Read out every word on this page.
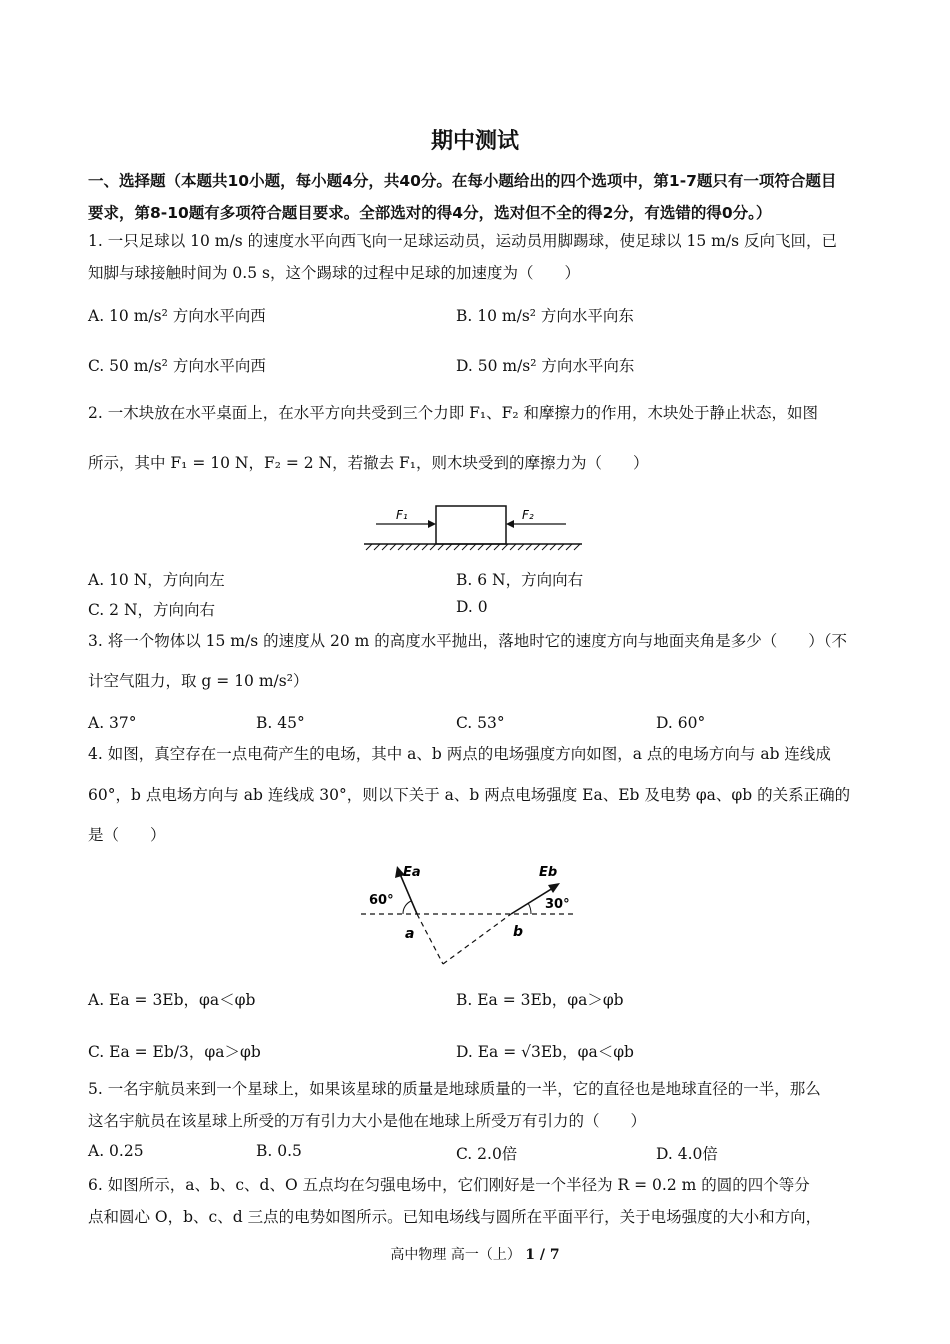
期中测试
一、选择题（本题共10小题，每小题4分，共40分。在每小题给出的四个选项中，第1-7题只有一项符合题目
要求，第8-10题有多项符合题目要求。全部选对的得4分，选对但不全的得2分，有选错的得0分。）
1. 一只足球以 10 m/s 的速度水平向西飞向一足球运动员，运动员用脚踢球，使足球以 15 m/s 反向飞回，已
知脚与球接触时间为 0.5 s，这个踢球的过程中足球的加速度为（　　）
A. 10 m/s² 方向水平向西	B. 10 m/s² 方向水平向东
C. 50 m/s² 方向水平向西	D. 50 m/s² 方向水平向东
2. 一木块放在水平桌面上，在水平方向共受到三个力即 F₁、F₂ 和摩擦力的作用，木块处于静止状态，如图
所示，其中 F₁ = 10 N，F₂ = 2 N，若撤去 F₁，则木块受到的摩擦力为（　　）
F₁	F₂
A. 10 N，方向向左	B. 6 N，方向向右
C. 2 N，方向向右	D. 0
3. 将一个物体以 15 m/s 的速度从 20 m 的高度水平抛出，落地时它的速度方向与地面夹角是多少（　　）（不
计空气阻力，取 g = 10 m/s²）
A. 37°	B. 45°	C. 53°	D. 60°
4. 如图，真空存在一点电荷产生的电场，其中 a、b 两点的电场强度方向如图，a 点的电场方向与 ab 连线成
60°，b 点电场方向与 ab 连线成 30°，则以下关于 a、b 两点电场强度 Ea、Eb 及电势 φa、φb 的关系正确的
是（　　）
Ea	Eb
60°	30°
a	b
A. Ea = 3Eb，φa＜φb	B. Ea = 3Eb，φa＞φb
C. Ea = Eb/3，φa＞φb	D. Ea = √3Eb，φa＜φb
5. 一名宇航员来到一个星球上，如果该星球的质量是地球质量的一半，它的直径也是地球直径的一半，那么
这名宇航员在该星球上所受的万有引力大小是他在地球上所受万有引力的（　　）
A. 0.25	B. 0.5	C. 2.0倍	D. 4.0倍
6. 如图所示，a、b、c、d、O 五点均在匀强电场中，它们刚好是一个半径为 R = 0.2 m 的圆的四个等分
点和圆心 O，b、c、d 三点的电势如图所示。已知电场线与圆所在平面平行，关于电场强度的大小和方向，
高中物理 高一（上） 1 / 7
